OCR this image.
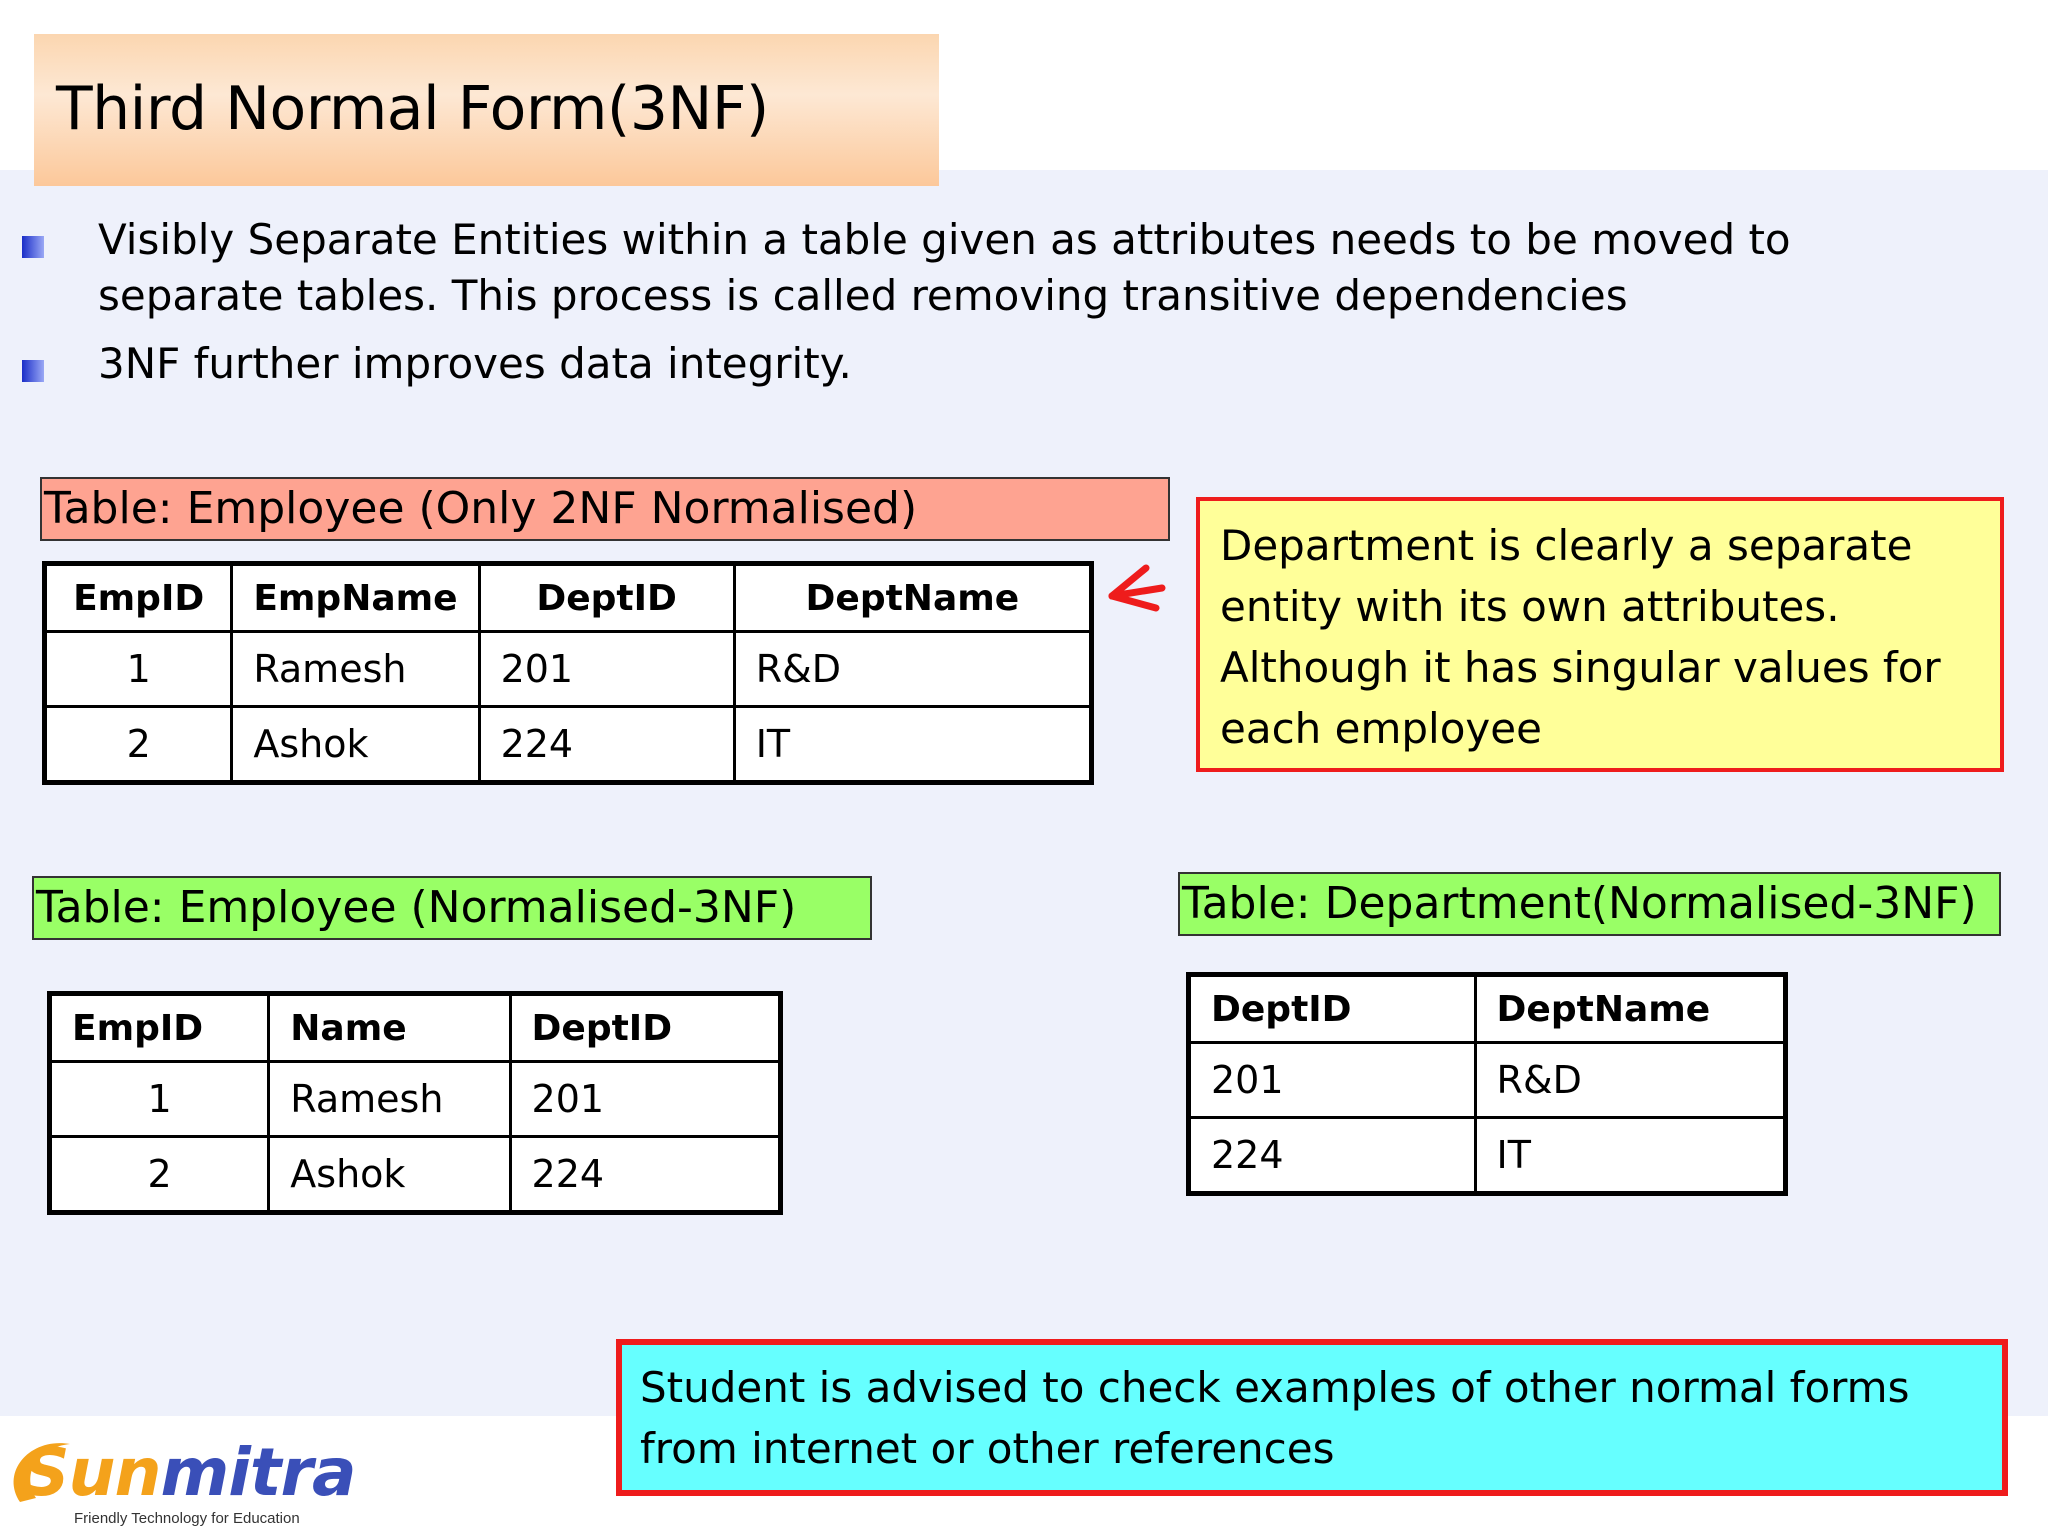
Third Normal Form(3NF)
Visibly Separate Entities within a table given as attributes needs to be moved to separate tables. This process is called removing transitive dependencies
3NF further improves data integrity.
Table: Employee (Only 2NF Normalised)
EmpID	EmpName	DeptID	DeptName
1	Ramesh	201	R&D
2	Ashok	224	IT
Department is clearly a separate entity with its own attributes. Although it has singular values for each employee
Table: Employee (Normalised-3NF)
EmpID	Name	DeptID
1	Ramesh	201
2	Ashok	224
Table: Department(Normalised-3NF)
DeptID	DeptName
201	R&D
224	IT
Student is advised to check examples of other normal forms from internet or other references
Sunmitra
Friendly Technology for Education
